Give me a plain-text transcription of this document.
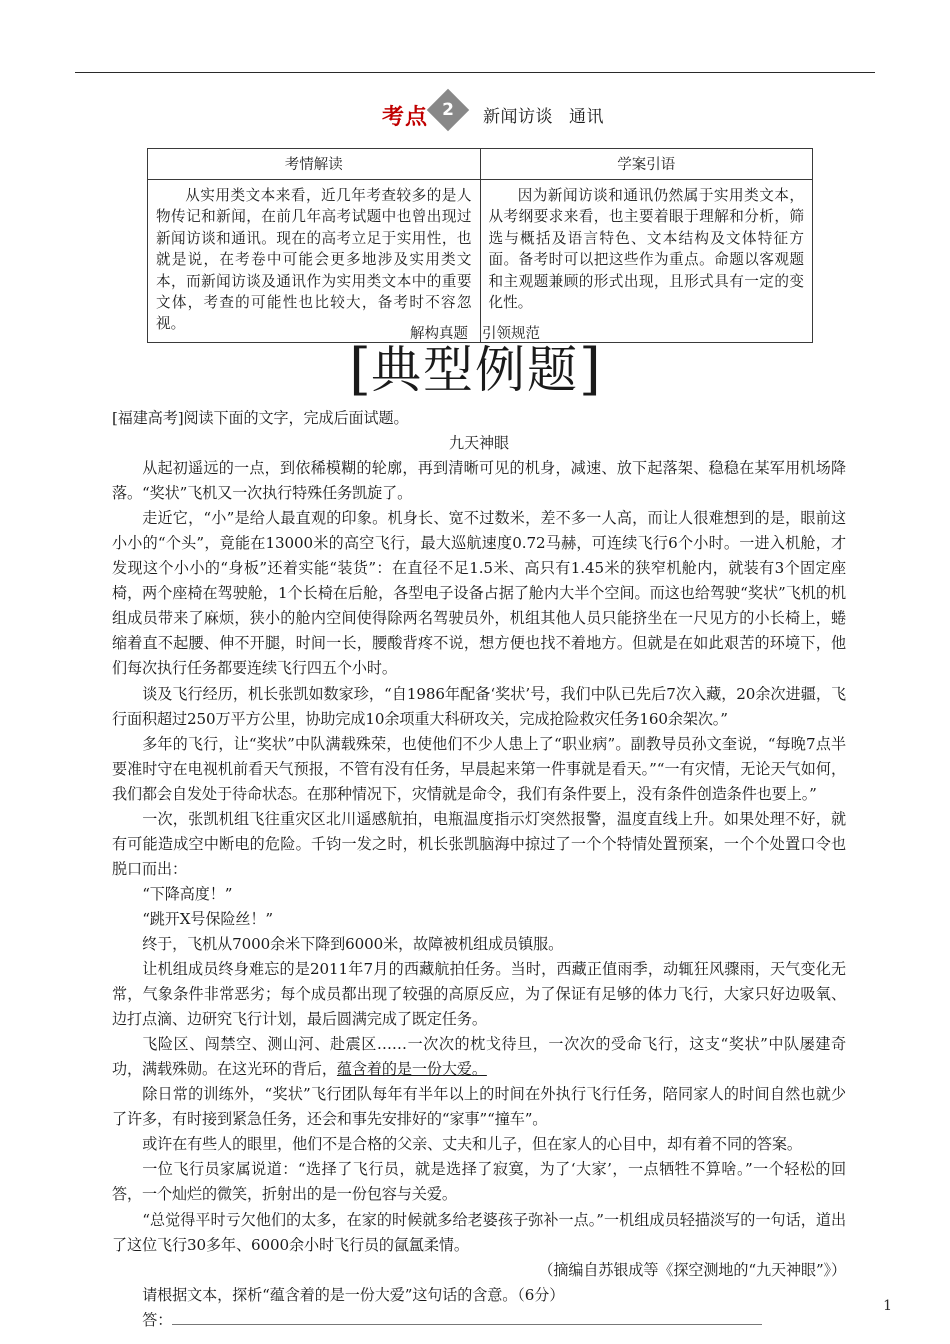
考点 2	新闻访谈 通讯
考情解读	学案引语

从实用类文本来看，近几年考查较多的是人物传记和新闻，在前几年高考试题中也曾出现过新闻访谈和通讯。现在的高考立足于实用性，也就是说，在考卷中可能会更多地涉及实用类文本，而新闻访谈及通讯作为实用类文本中的重要文体，考查的可能性也比较大，备考时不容忽视。	因为新闻访谈和通讯仍然属于实用类文本，从考纲要求来看，也主要着眼于理解和分析，筛选与概括及语言特色、文本结构及文体特征方面。备考时可以把这些作为重点。命题以客观题和主观题兼顾的形式出现，且形式具有一定的变化性。
解构真题 引领规范
[典型例题]

[福建高考]阅读下面的文字，完成后面试题。

九天神眼

从起初遥远的一点，到依稀模糊的轮廓，再到清晰可见的机身，减速、放下起落架、稳稳在某军用机场降落。“奖状”飞机又一次执行特殊任务凯旋了。

走近它，“小”是给人最直观的印象。机身长、宽不过数米，差不多一人高，而让人很难想到的是，眼前这小小的“个头”，竟能在13000米的高空飞行，最大巡航速度0.72马赫，可连续飞行6个小时。一进入机舱，才发现这个小小的“身板”还着实能“装货”：在直径不足1.5米、高只有1.45米的狭窄机舱内，就装有3个固定座椅，两个座椅在驾驶舱，1个长椅在后舱，各型电子设备占据了舱内大半个空间。而这也给驾驶“奖状”飞机的机组成员带来了麻烦，狭小的舱内空间使得除两名驾驶员外，机组其他人员只能挤坐在一尺见方的小长椅上，蜷缩着直不起腰、伸不开腿，时间一长，腰酸背疼不说，想方便也找不着地方。但就是在如此艰苦的环境下，他们每次执行任务都要连续飞行四五个小时。

谈及飞行经历，机长张凯如数家珍，“自1986年配备‘奖状’号，我们中队已先后7次入藏，20余次进疆，飞行面积超过250万平方公里，协助完成10余项重大科研攻关，完成抢险救灾任务160余架次。”

多年的飞行，让“奖状”中队满载殊荣，也使他们不少人患上了“职业病”。副教导员孙文奎说，“每晚7点半要准时守在电视机前看天气预报，不管有没有任务，早晨起来第一件事就是看天。”“一有灾情，无论天气如何，我们都会自发处于待命状态。在那种情况下，灾情就是命令，我们有条件要上，没有条件创造条件也要上。”

一次，张凯机组飞往重灾区北川遥感航拍，电瓶温度指示灯突然报警，温度直线上升。如果处理不好，就有可能造成空中断电的危险。千钧一发之时，机长张凯脑海中掠过了一个个特情处置预案，一个个处置口令也脱口而出：

“下降高度！”

“跳开X号保险丝！”

终于，飞机从7000余米下降到6000米，故障被机组成员镇服。

让机组成员终身难忘的是2011年7月的西藏航拍任务。当时，西藏正值雨季，动辄狂风骤雨，天气变化无常，气象条件非常恶劣；每个成员都出现了较强的高原反应，为了保证有足够的体力飞行，大家只好边吸氧、边打点滴、边研究飞行计划，最后圆满完成了既定任务。

飞险区、闯禁空、测山河、赴震区……一次次的枕戈待旦，一次次的受命飞行，这支“奖状”中队屡建奇功，满载殊勋。在这光环的背后，蕴含着的是一份大爱。

除日常的训练外，“奖状”飞行团队每年有半年以上的时间在外执行飞行任务，陪同家人的时间自然也就少了许多，有时接到紧急任务，还会和事先安排好的“家事”“撞车”。

或许在有些人的眼里，他们不是合格的父亲、丈夫和儿子，但在家人的心目中，却有着不同的答案。

一位飞行员家属说道：“选择了飞行员，就是选择了寂寞，为了‘大家’，一点牺牲不算啥。”一个轻松的回答，一个灿烂的微笑，折射出的是一份包容与关爱。

“总觉得平时亏欠他们的太多，在家的时候就多给老婆孩子弥补一点。”一机组成员轻描淡写的一句话，道出了这位飞行30多年、6000余小时飞行员的氤氲柔情。

（摘编自苏银成等《探空测地的“九天神眼”》）

请根据文本，探析“蕴含着的是一份大爱”这句话的含意。（6分）

答：

1
